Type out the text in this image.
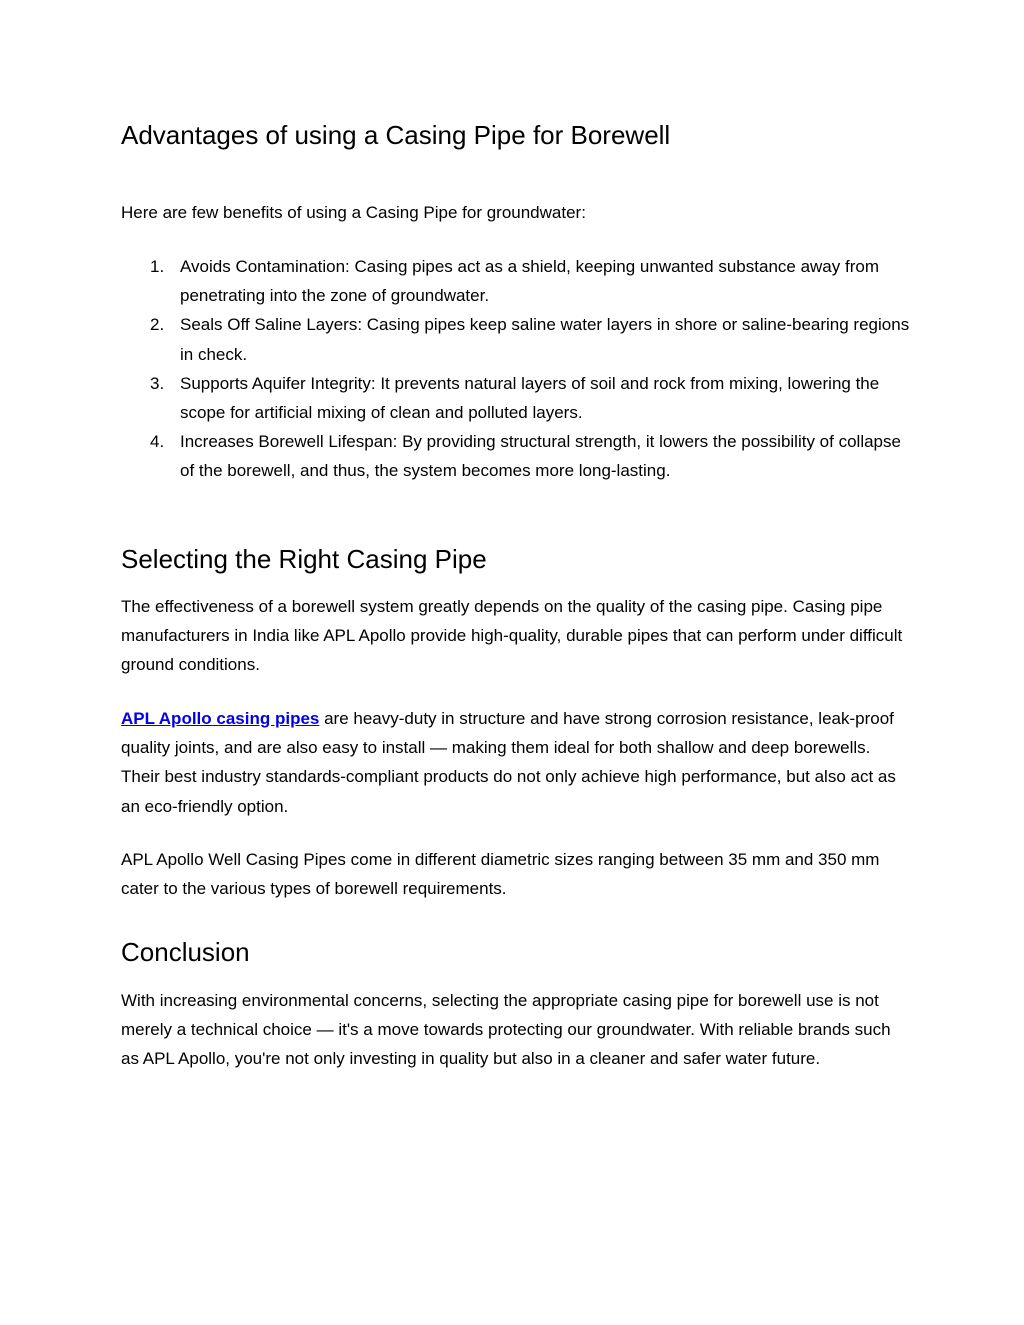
Advantages of using a Casing Pipe for Borewell

Here are few benefits of using a Casing Pipe for groundwater:

1. Avoids Contamination: Casing pipes act as a shield, keeping unwanted substance away from penetrating into the zone of groundwater.
2. Seals Off Saline Layers: Casing pipes keep saline water layers in shore or saline-bearing regions in check.
3. Supports Aquifer Integrity: It prevents natural layers of soil and rock from mixing, lowering the scope for artificial mixing of clean and polluted layers.
4. Increases Borewell Lifespan: By providing structural strength, it lowers the possibility of collapse of the borewell, and thus, the system becomes more long-lasting.
Selecting the Right Casing Pipe

The effectiveness of a borewell system greatly depends on the quality of the casing pipe. Casing pipe manufacturers in India like APL Apollo provide high-quality, durable pipes that can perform under difficult ground conditions.

APL Apollo casing pipes are heavy-duty in structure and have strong corrosion resistance, leak-proof quality joints, and are also easy to install — making them ideal for both shallow and deep borewells. Their best industry standards-compliant products do not only achieve high performance, but also act as an eco-friendly option.

APL Apollo Well Casing Pipes come in different diametric sizes ranging between 35 mm and 350 mm cater to the various types of borewell requirements.

Conclusion

With increasing environmental concerns, selecting the appropriate casing pipe for borewell use is not merely a technical choice — it's a move towards protecting our groundwater. With reliable brands such as APL Apollo, you're not only investing in quality but also in a cleaner and safer water future.
